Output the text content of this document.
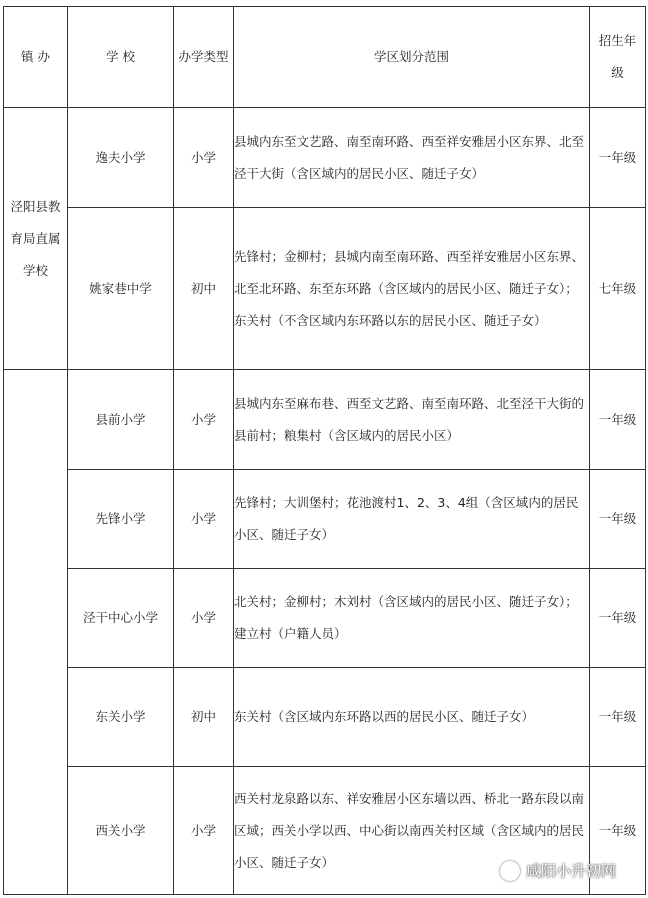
镇 办	学 校	办学类型	学区划分范围	招生年级

泾阳县教育局直属学校	逸夫小学	小学	县城内东至文艺路、南至南环路、西至祥安雅居小区东界、北至泾干大街（含区域内的居民小区、随迁子女）	一年级
	姚家巷中学	初中	先锋村；金柳村；县城内南至南环路、西至祥安雅居小区东界、北至北环路、东至东环路（含区域内的居民小区、随迁子女）；东关村（不含区域内东环路以东的居民小区、随迁子女）	七年级

	县前小学	小学	县城内东至麻布巷、西至文艺路、南至南环路、北至泾干大街的县前村；粮集村（含区域内的居民小区）	一年级
	先锋小学	小学	先锋村；大训堡村；花池渡村1、2、3、4组（含区域内的居民小区、随迁子女）	一年级
	泾干中心小学	小学	北关村；金柳村；木刘村（含区域内的居民小区、随迁子女）；建立村（户籍人员）	一年级
	东关小学	初中	东关村（含区域内东环路以西的居民小区、随迁子女）	一年级
	西关小学	小学	西关村龙泉路以东、祥安雅居小区东墙以西、桥北一路东段以南区域；西关小学以西、中心街以南西关村区域（含区域内的居民小区、随迁子女）	一年级
咸阳小升初网
